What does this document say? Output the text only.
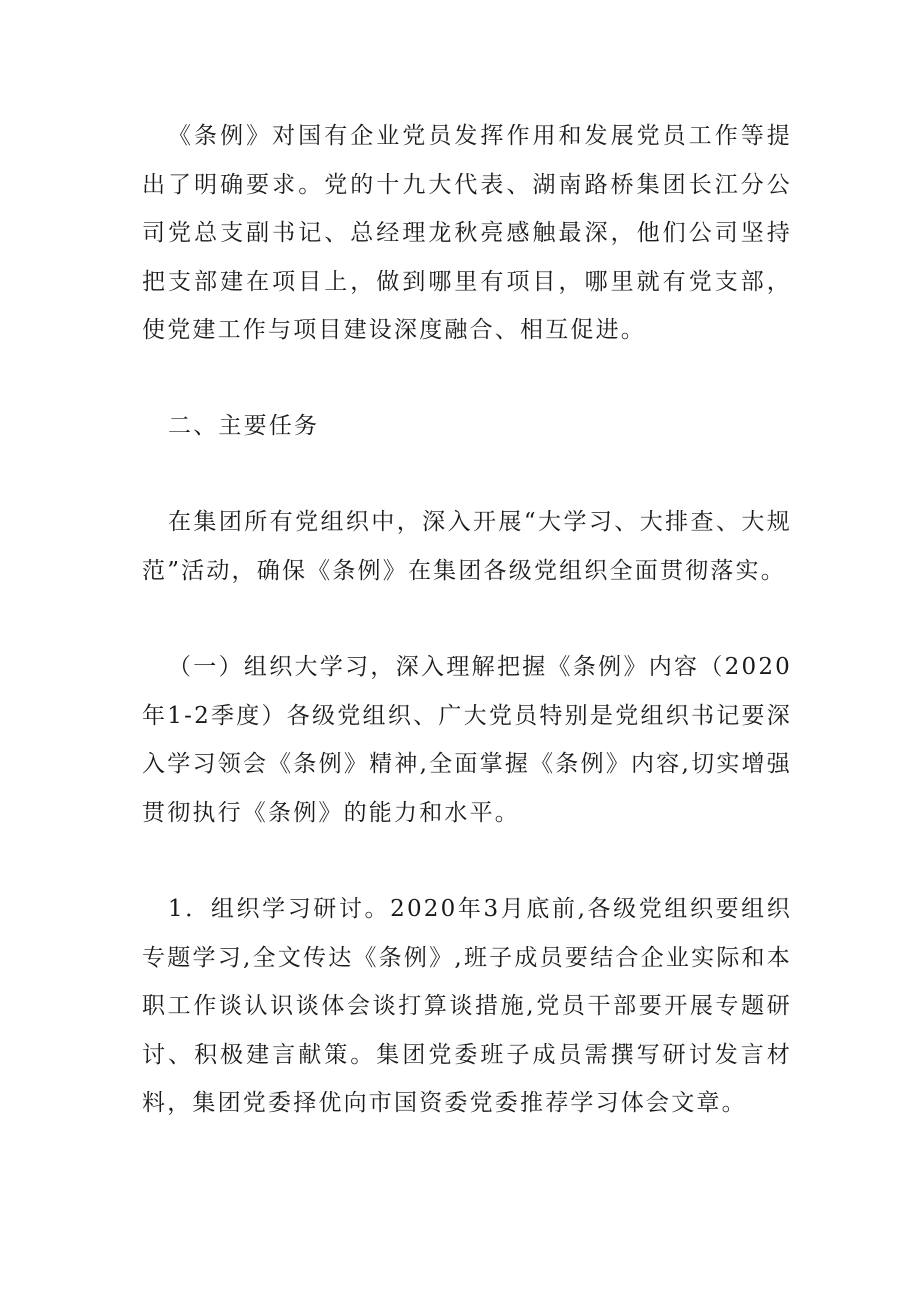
《条例》对国有企业党员发挥作用和发展党员工作等提出了明确要求。党的十九大代表、湖南路桥集团长江分公司党总支副书记、总经理龙秋亮感触最深，他们公司坚持把支部建在项目上，做到哪里有项目，哪里就有党支部，使党建工作与项目建设深度融合、相互促进。

二、主要任务

在集团所有党组织中，深入开展“大学习、大排查、大规范”活动，确保《条例》在集团各级党组织全面贯彻落实。

（一）组织大学习，深入理解把握《条例》内容（2020年1-2季度）各级党组织、广大党员特别是党组织书记要深入学习领会《条例》精神,全面掌握《条例》内容,切实增强贯彻执行《条例》的能力和水平。

1．组织学习研讨。2020年3月底前,各级党组织要组织专题学习,全文传达《条例》,班子成员要结合企业实际和本职工作谈认识谈体会谈打算谈措施,党员干部要开展专题研讨、积极建言献策。集团党委班子成员需撰写研讨发言材料，集团党委择优向市国资委党委推荐学习体会文章。
